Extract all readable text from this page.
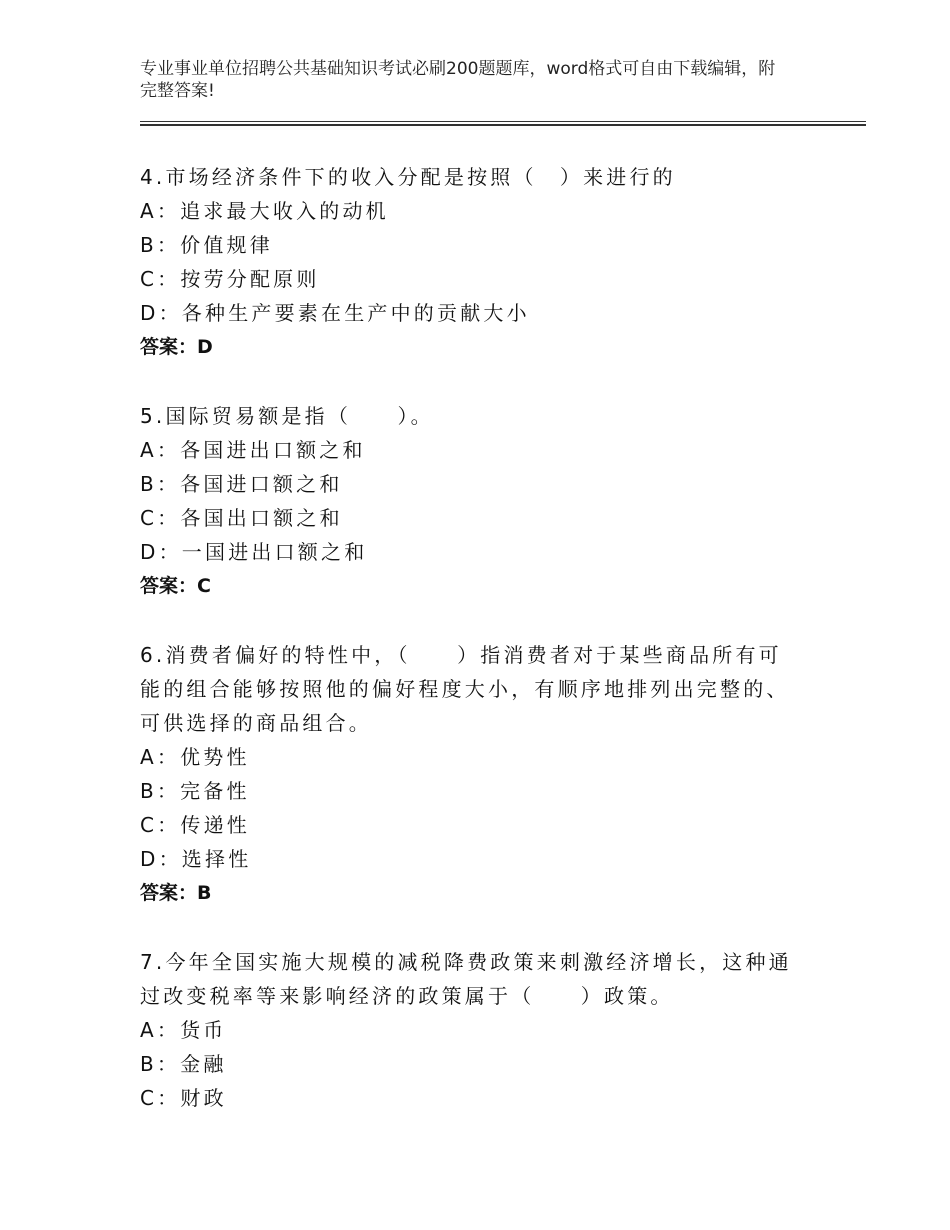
专业事业单位招聘公共基础知识考试必刷200题题库，word格式可自由下载编辑，附完整答案!
4.市场经济条件下的收入分配是按照（　）来进行的
A：追求最大收入的动机
B：价值规律
C：按劳分配原则
D：各种生产要素在生产中的贡献大小
答案：D
5.国际贸易额是指（　　）。
A：各国进出口额之和
B：各国进口额之和
C：各国出口额之和
D：一国进出口额之和
答案：C
6.消费者偏好的特性中，（　　）指消费者对于某些商品所有可能的组合能够按照他的偏好程度大小，有顺序地排列出完整的、可供选择的商品组合。
A：优势性
B：完备性
C：传递性
D：选择性
答案：B
7.今年全国实施大规模的减税降费政策来刺激经济增长，这种通过改变税率等来影响经济的政策属于（　　）政策。
A：货币
B：金融
C：财政
